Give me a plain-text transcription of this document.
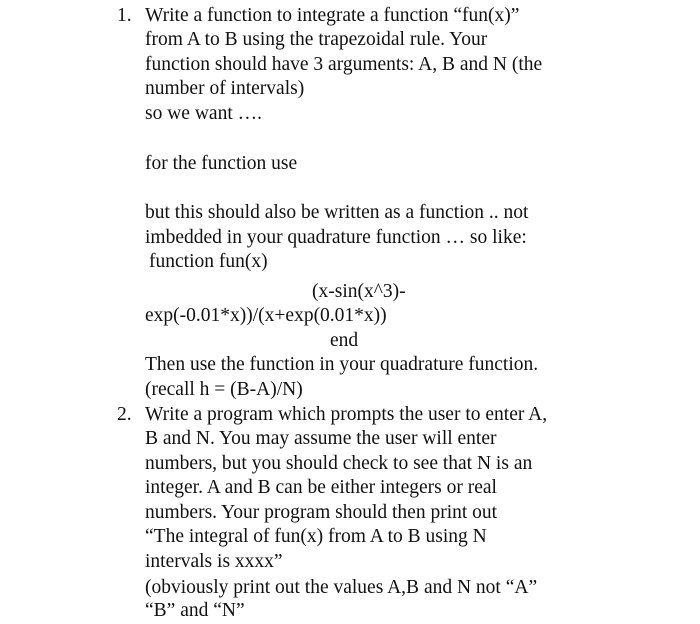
1. Write a function to integrate a function “fun(x)”
from A to B using the trapezoidal rule. Your
function should have 3 arguments: A, B and N (the
number of intervals)
so we want ….
for the function use
but this should also be written as a function .. not
imbedded in your quadrature function … so like:
function fun(x)
(x-sin(x^3)-
exp(-0.01*x))/(x+exp(0.01*x))
end
Then use the function in your quadrature function.
(recall h = (B-A)/N)
2. Write a program which prompts the user to enter A,
B and N. You may assume the user will enter
numbers, but you should check to see that N is an
integer. A and B can be either integers or real
numbers. Your program should then print out
“The integral of fun(x) from A to B using N
intervals is xxxx”
(obviously print out the values A,B and N not “A”
“B” and “N”
